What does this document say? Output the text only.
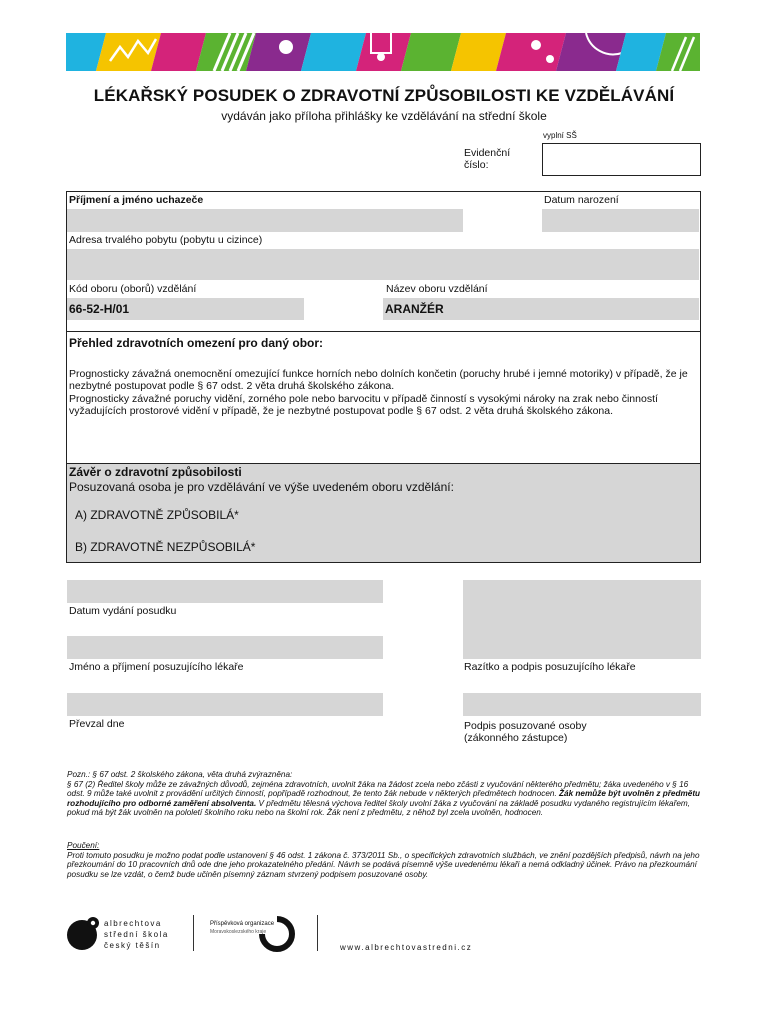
LÉKAŘSKÝ POSUDEK O ZDRAVOTNÍ ZPŮSOBILOSTI KE VZDĚLÁVÁNÍ
vydáván jako příloha přihlášky ke vzdělávání na střední škole
vyplní SŠ
Evidenční
číslo:
Příjmení a jméno uchazeče	Datum narození
Adresa trvalého pobytu (pobytu u cizince)
Kód oboru (oborů) vzdělání	Název oboru vzdělání
66-52-H/01	ARANŽÉR
Přehled zdravotních omezení pro daný obor:
Prognosticky závažná onemocnění omezující funkce horních nebo dolních končetin (poruchy hrubé i jemné motoriky) v případě, že je nezbytné postupovat podle § 67 odst. 2 věta druhá školského zákona.
Prognosticky závažné poruchy vidění, zorného pole nebo barvocitu v případě činností s vysokými nároky na zrak nebo činností vyžadujících prostorové vidění v případě, že je nezbytné postupovat podle § 67 odst. 2 věta druhá školského zákona.
Závěr o zdravotní způsobilosti
Posuzovaná osoba je pro vzdělávání ve výše uvedeném oboru vzdělání:
A) ZDRAVOTNĚ ZPŮSOBILÁ*
B) ZDRAVOTNĚ NEZPŮSOBILÁ*
Datum vydání posudku
Jméno a příjmení posuzujícího lékaře	Razítko a podpis posuzujícího lékaře
Převzal dne	Podpis posuzované osoby
(zákonného zástupce)
Pozn.: § 67 odst. 2 školského zákona, věta druhá zvýrazněna:
§ 67 (2) Ředitel školy může ze závažných důvodů, zejména zdravotních, uvolnit žáka na žádost zcela nebo zčásti z vyučování některého předmětu; žáka uvedeného v § 16 odst. 9 může také uvolnit z provádění určitých činností, popřípadě rozhodnout, že tento žák nebude v některých předmětech hodnocen. Žák nemůže být uvolněn z předmětu rozhodujícího pro odborné zaměření absolventa. V předmětu tělesná výchova ředitel školy uvolní žáka z vyučování na základě posudku vydaného registrujícím lékařem, pokud má být žák uvolněn na pololetí školního roku nebo na školní rok. Žák není z předmětu, z něhož byl zcela uvolněn, hodnocen.
Poučení:
Proti tomuto posudku je možno podat podle ustanovení § 46 odst. 1 zákona č. 373/2011 Sb., o specifických zdravotních službách, ve znění pozdějších předpisů, návrh na jeho přezkoumání do 10 pracovních dnů ode dne jeho prokazatelného předání. Návrh se podává písemně výše uvedenému lékaři a nemá odkladný účinek. Právo na přezkoumání posudku se lze vzdát, o čemž bude učiněn písemný záznam stvrzený podpisem posuzované osoby.
albrechtova
střední škola
český těšín
Příspěvková organizace
Moravskoslezského kraje
www.albrechtovastredni.cz
